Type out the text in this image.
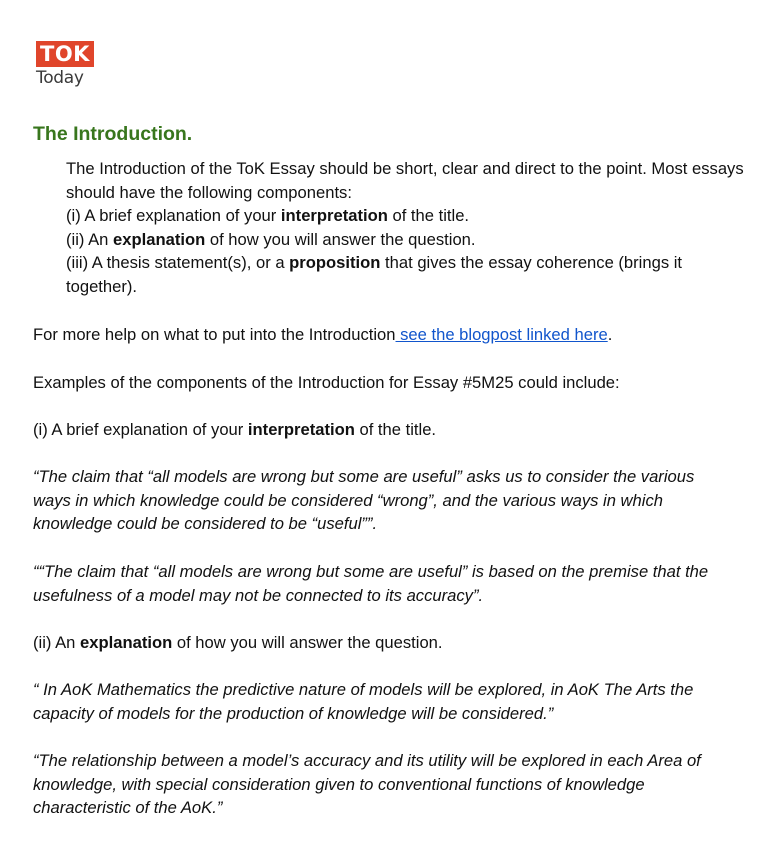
TOK
Today
The Introduction.
The Introduction of the ToK Essay should be short, clear and direct to the point. Most essays should have the following components:
(i) A brief explanation of your interpretation of the title.
(ii) An explanation of how you will answer the question.
(iii) A thesis statement(s), or a proposition that gives the essay coherence (brings it together).
For more help on what to put into the Introduction see the blogpost linked here.
Examples of the components of the Introduction for Essay #5M25 could include:
(i) A brief explanation of your interpretation of the title.
“The claim that “all models are wrong but some are useful” asks us to consider the various ways in which knowledge could be considered “wrong”, and the various ways in which knowledge could be considered to be “useful””.
““The claim that “all models are wrong but some are useful” is based on the premise that the usefulness of a model may not be connected to its accuracy”.
(ii) An explanation of how you will answer the question.
“ In AoK Mathematics the predictive nature of models will be explored, in AoK The Arts the capacity of models for the production of knowledge will be considered.”
“The relationship between a model’s accuracy and its utility will be explored in each Area of knowledge, with special consideration given to conventional functions of knowledge characteristic of the AoK.”
